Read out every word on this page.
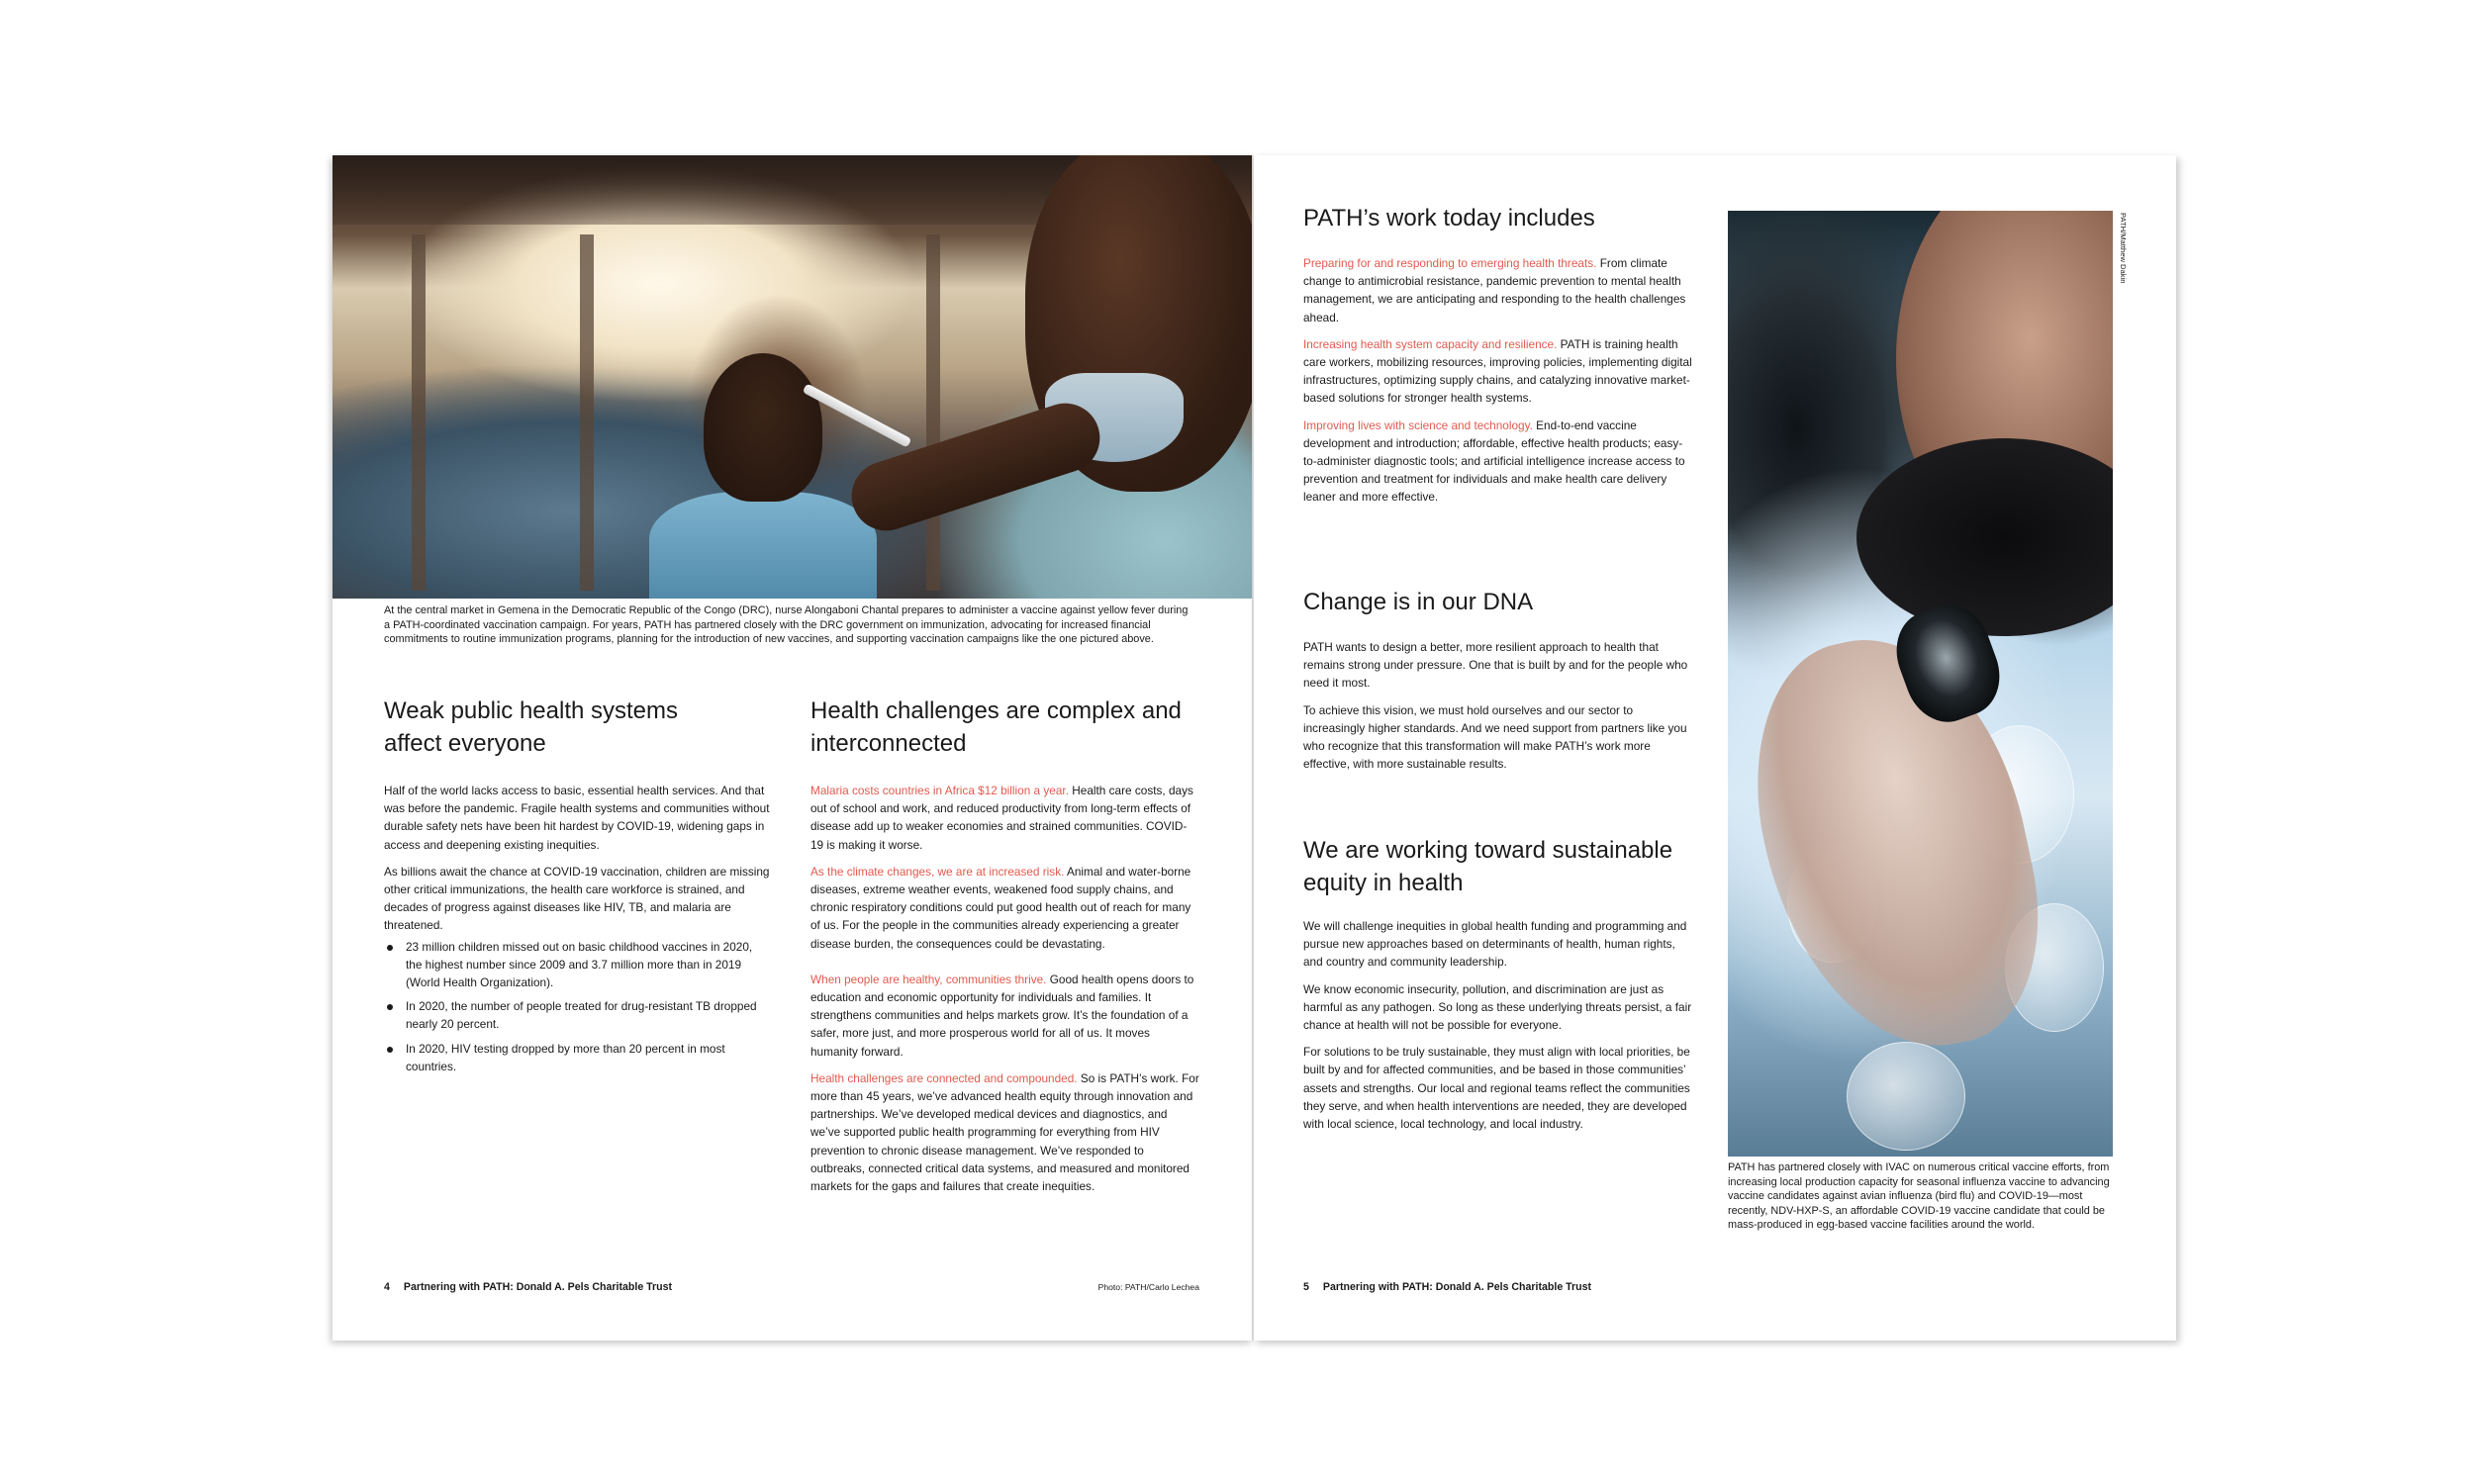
At the central market in Gemena in the Democratic Republic of the Congo (DRC), nurse Alongaboni Chantal prepares to administer a vaccine against yellow fever during a PATH-coordinated vaccination campaign. For years, PATH has partnered closely with the DRC government on immunization, advocating for increased financial commitments to routine immunization programs, planning for the introduction of new vaccines, and supporting vaccination campaigns like the one pictured above.

Weak public health systems affect everyone

Half of the world lacks access to basic, essential health services. And that was before the pandemic. Fragile health systems and communities without durable safety nets have been hit hardest by COVID-19, widening gaps in access and deepening existing inequities.

As billions await the chance at COVID-19 vaccination, children are missing other critical immunizations, the health care workforce is strained, and decades of progress against diseases like HIV, TB, and malaria are threatened.

23 million children missed out on basic childhood vaccines in 2020, the highest number since 2009 and 3.7 million more than in 2019 (World Health Organization).
In 2020, the number of people treated for drug-resistant TB dropped nearly 20 percent.
In 2020, HIV testing dropped by more than 20 percent in most countries.
Health challenges are complex and interconnected

Malaria costs countries in Africa $12 billion a year. Health care costs, days out of school and work, and reduced productivity from long-term effects of disease add up to weaker economies and strained communities. COVID-19 is making it worse.

As the climate changes, we are at increased risk. Animal and water-borne diseases, extreme weather events, weakened food supply chains, and chronic respiratory conditions could put good health out of reach for many of us. For the people in the communities already experiencing a greater disease burden, the consequences could be devastating.

When people are healthy, communities thrive. Good health opens doors to education and economic opportunity for individuals and families. It strengthens communities and helps markets grow. It’s the foundation of a safer, more just, and more prosperous world for all of us. It moves humanity forward.

Health challenges are connected and compounded. So is PATH’s work. For more than 45 years, we’ve advanced health equity through innovation and partnerships. We’ve developed medical devices and diagnostics, and we’ve supported public health programming for everything from HIV prevention to chronic disease management. We’ve responded to outbreaks, connected critical data systems, and measured and monitored markets for the gaps and failures that create inequities.

4 Partnering with PATH: Donald A. Pels Charitable Trust	Photo: PATH/Carlo Lechea
PATH’s work today includes

Preparing for and responding to emerging health threats. From climate change to antimicrobial resistance, pandemic prevention to mental health management, we are anticipating and responding to the health challenges ahead.

Increasing health system capacity and resilience. PATH is training health care workers, mobilizing resources, improving policies, implementing digital infrastructures, optimizing supply chains, and catalyzing innovative market-based solutions for stronger health systems.

Improving lives with science and technology. End-to-end vaccine development and introduction; affordable, effective health products; easy-to-administer diagnostic tools; and artificial intelligence increase access to prevention and treatment for individuals and make health care delivery leaner and more effective.

Change is in our DNA

PATH wants to design a better, more resilient approach to health that remains strong under pressure. One that is built by and for the people who need it most.

To achieve this vision, we must hold ourselves and our sector to increasingly higher standards. And we need support from partners like you who recognize that this transformation will make PATH’s work more effective, with more sustainable results.

We are working toward sustainable equity in health

We will challenge inequities in global health funding and programming and pursue new approaches based on determinants of health, human rights, and country and community leadership.

We know economic insecurity, pollution, and discrimination are just as harmful as any pathogen. So long as these underlying threats persist, a fair chance at health will not be possible for everyone.

For solutions to be truly sustainable, they must align with local priorities, be built by and for affected communities, and be based in those communities’ assets and strengths. Our local and regional teams reflect the communities they serve, and when health interventions are needed, they are developed with local science, local technology, and local industry.

PATH/Matthew Dakin

PATH has partnered closely with IVAC on numerous critical vaccine efforts, from increasing local production capacity for seasonal influenza vaccine to advancing vaccine candidates against avian influenza (bird flu) and COVID-19—most recently, NDV-HXP-S, an affordable COVID-19 vaccine candidate that could be mass-produced in egg-based vaccine facilities around the world.

5 Partnering with PATH: Donald A. Pels Charitable Trust
